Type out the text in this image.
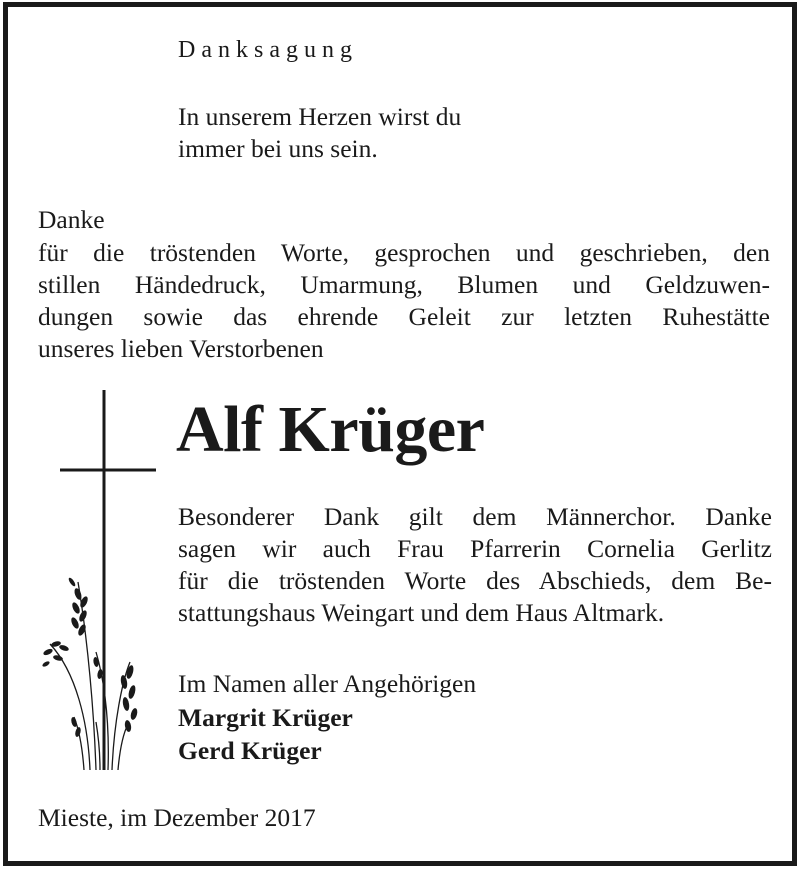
Danksagung
In unserem Herzen wirst du
immer bei uns sein.
Danke
für die tröstenden Worte, gesprochen und geschrieben, den
stillen Händedruck, Umarmung, Blumen und Geldzuwen-
dungen sowie das ehrende Geleit zur letzten Ruhestätte
unseres lieben Verstorbenen
Alf Krüger
Besonderer Dank gilt dem Männerchor. Danke
sagen wir auch Frau Pfarrerin Cornelia Gerlitz
für die tröstenden Worte des Abschieds, dem Be-
stattungshaus Weingart und dem Haus Altmark.
Im Namen aller Angehörigen
Margrit Krüger
Gerd Krüger
Mieste, im Dezember 2017
